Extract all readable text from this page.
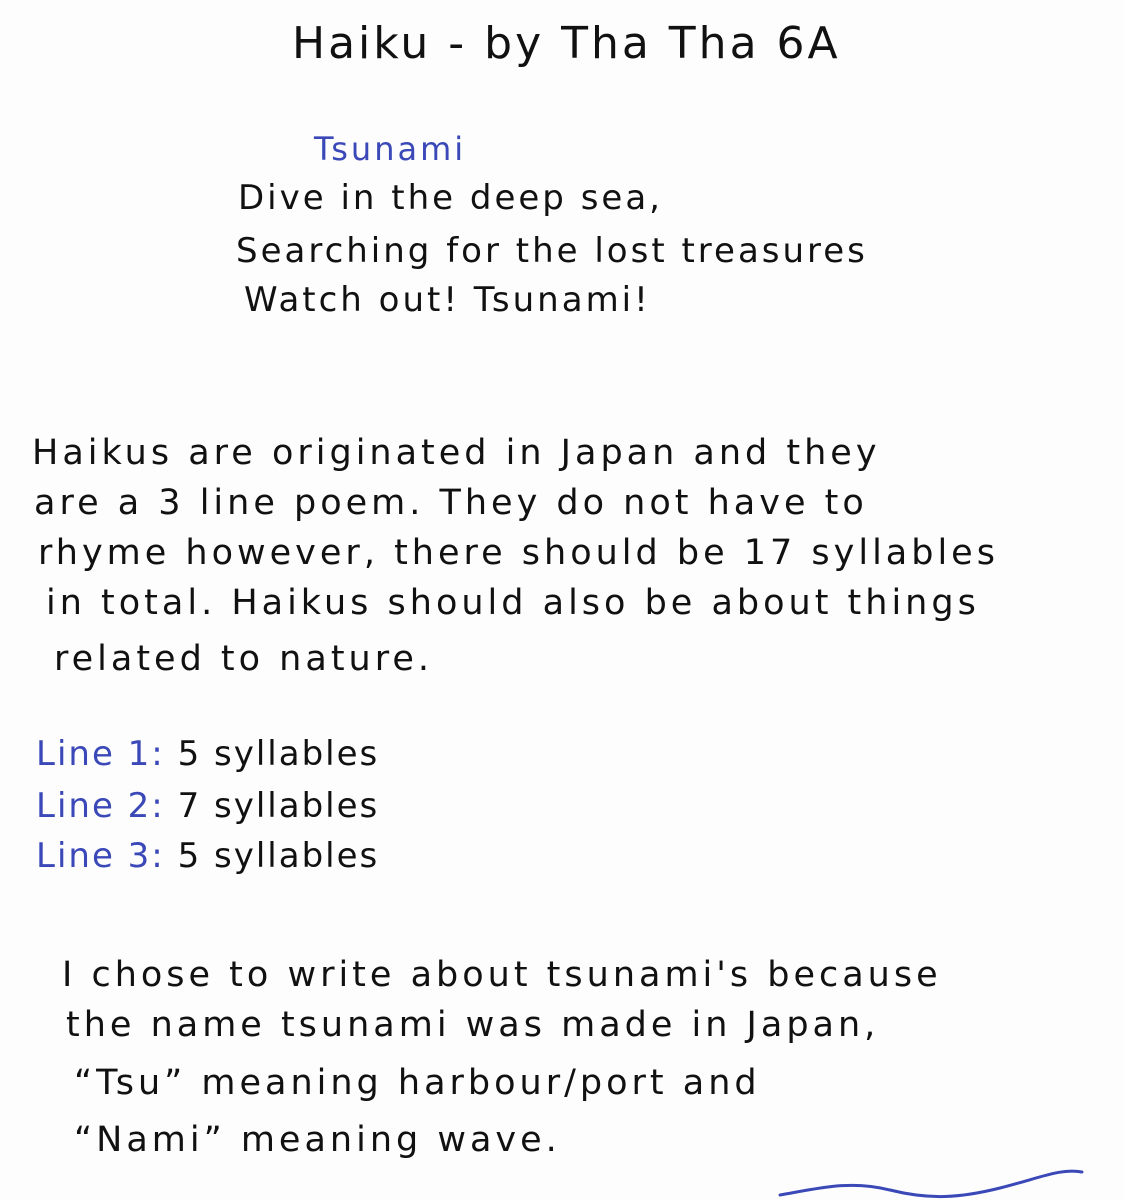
Haiku - by Tha Tha 6A
Tsunami

Dive in the deep sea,

Searching for the lost treasures

Watch out! Tsunami!

Haikus are originated in Japan and they

are a 3 line poem. They do not have to

rhyme however, there should be 17 syllables

in total. Haikus should also be about things

related to nature.

Line 1: 5 syllables

Line 2: 7 syllables

Line 3: 5 syllables

I chose to write about tsunami's because

the name tsunami was made in Japan,

“Tsu” meaning harbour/port and

“Nami” meaning wave.
